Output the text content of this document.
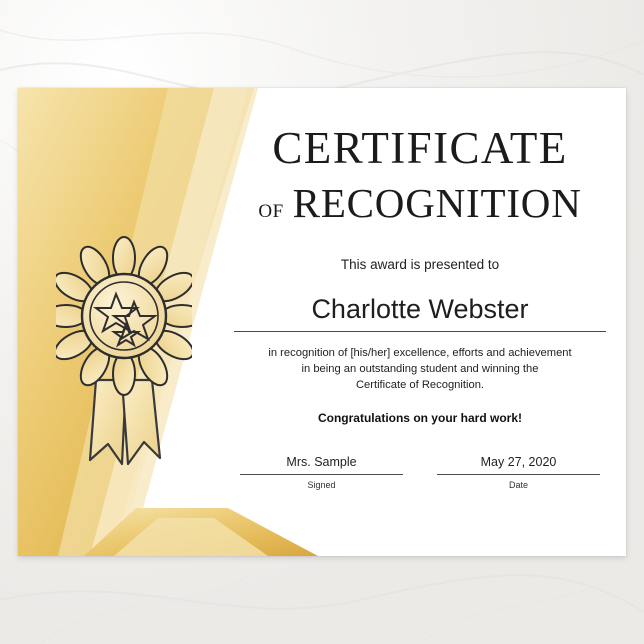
CERTIFICATE
OF RECOGNITION
This award is presented to
Charlotte Webster
in recognition of [his/her] excellence, efforts and achievement
in being an outstanding student and winning the
Certificate of Recognition.
Congratulations on your hard work!
Mrs. Sample
Signed
May 27, 2020
Date
